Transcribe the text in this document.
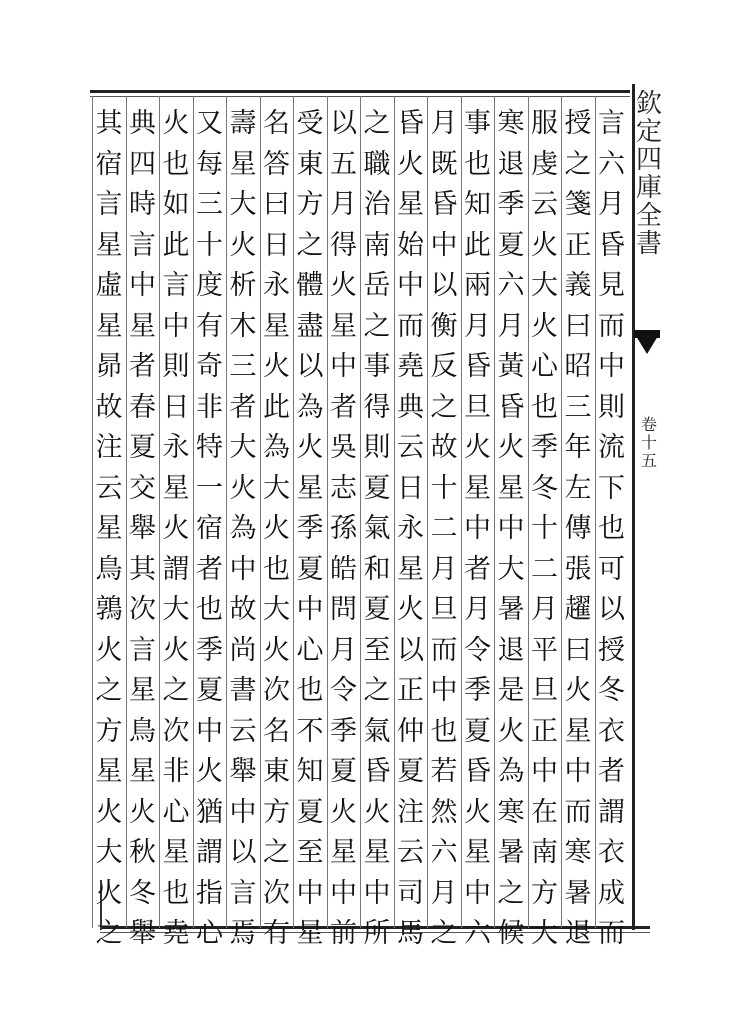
欽
定
四
庫
全
書
卷
十
五
言
六
月
昏
見
而
中
則
流
下
也
可
以
授
冬
衣
者
謂
衣
成
而
授
之
箋
正
義
曰
昭
三
年
左
傳
張
趯
曰
火
星
中
而
寒
暑
退
服
虔
云
火
大
火
心
也
季
冬
十
二
月
平
旦
正
中
在
南
方
大
寒
退
季
夏
六
月
黃
昏
火
星
中
大
暑
退
是
火
為
寒
暑
之
候
事
也
知
此
兩
月
昏
旦
火
星
中
者
月
令
季
夏
昏
火
星
中
六
月
既
昏
中
以
衡
反
之
故
十
二
月
旦
而
中
也
若
然
六
月
之
昏
火
星
始
中
而
堯
典
云
日
永
星
火
以
正
仲
夏
注
云
司
馬
之
職
治
南
岳
之
事
得
則
夏
氣
和
夏
至
之
氣
昏
火
星
中
所
以
五
月
得
火
星
中
者
吳
志
孫
皓
問
月
令
季
夏
火
星
中
前
受
東
方
之
體
盡
以
為
火
星
季
夏
中
心
也
不
知
夏
至
中
星
名
答
曰
日
永
星
火
此
為
大
火
也
大
火
次
名
東
方
之
次
有
壽
星
大
火
析
木
三
者
大
火
為
中
故
尚
書
云
舉
中
以
言
焉
又
每
三
十
度
有
奇
非
特
一
宿
者
也
季
夏
中
火
猶
謂
指
心
火
也
如
此
言
中
則
日
永
星
火
謂
大
火
之
次
非
心
星
也
堯
典
四
時
言
中
星
者
春
夏
交
舉
其
次
言
星
鳥
星
火
秋
冬
舉
其
宿
言
星
虛
星
昴
故
注
云
星
鳥
鶉
火
之
方
星
火
大
火
之
